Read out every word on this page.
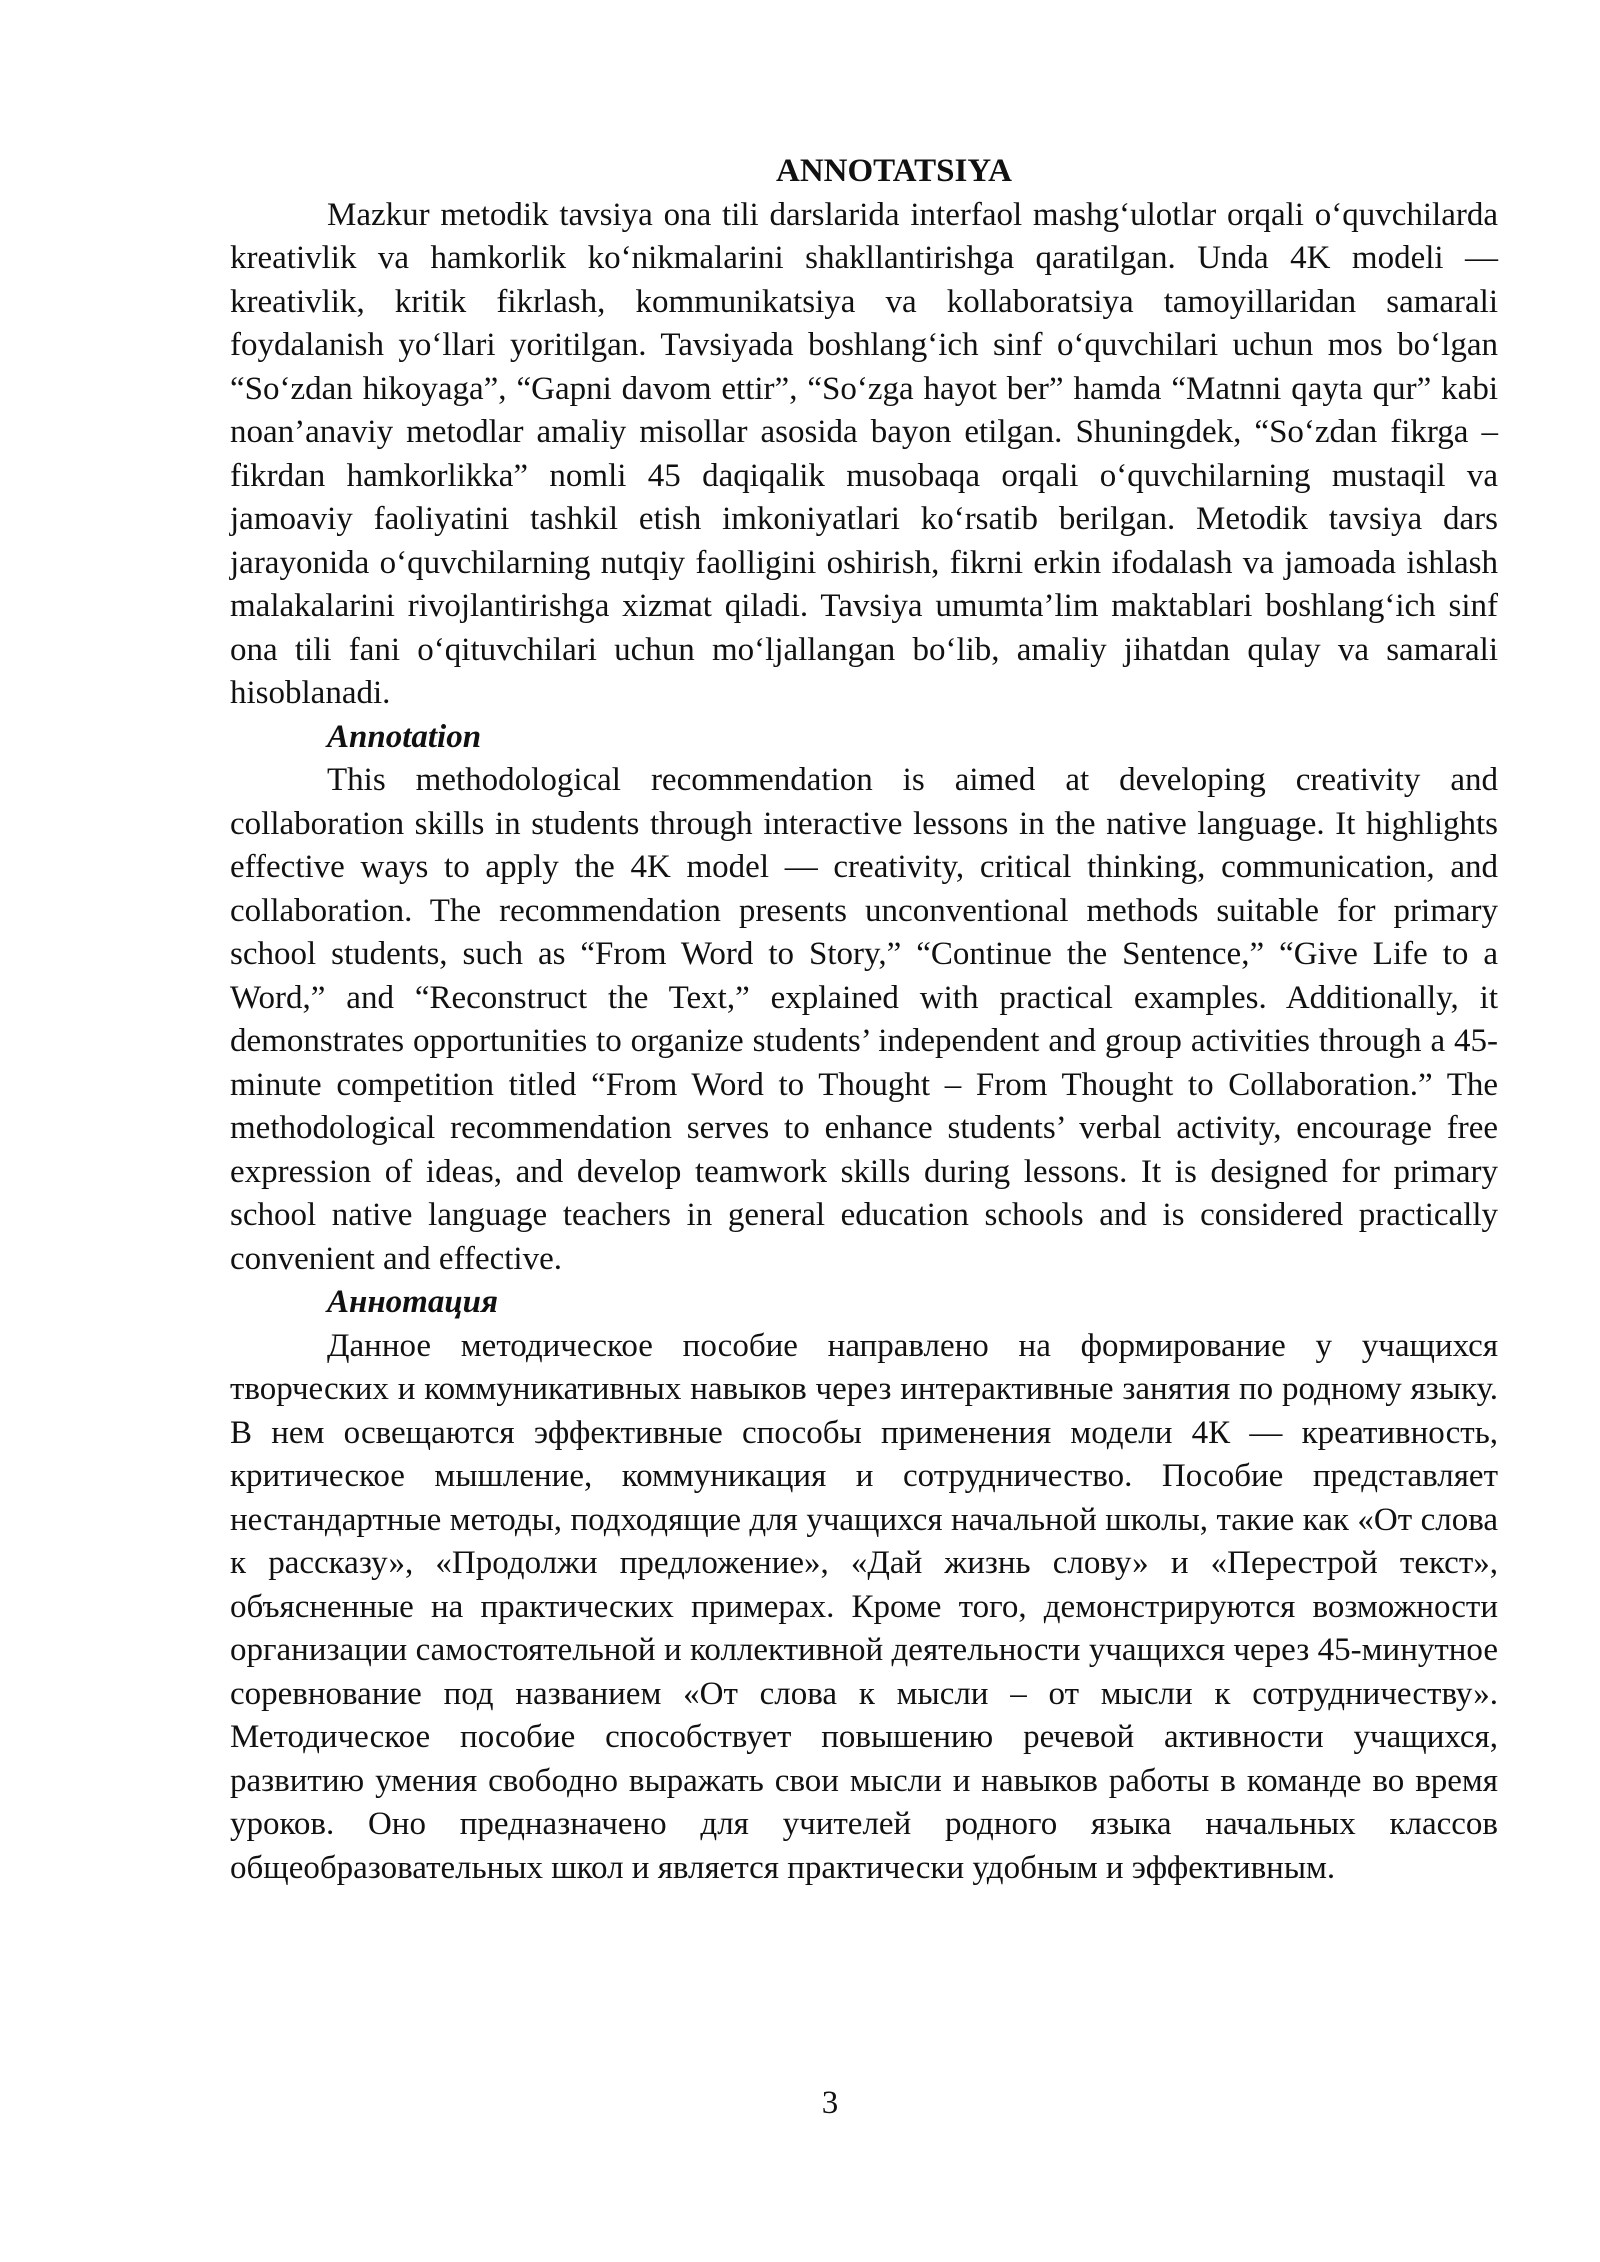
ANNOTATSIYA

Mazkur metodik tavsiya ona tili darslarida interfaol mashg‘ulotlar orqali o‘quvchilarda kreativlik va hamkorlik ko‘nikmalarini shakllantirishga qaratilgan. Unda 4K modeli — kreativlik, kritik fikrlash, kommunikatsiya va kollaboratsiya tamoyillaridan samarali foydalanish yo‘llari yoritilgan. Tavsiyada boshlang‘ich sinf o‘quvchilari uchun mos bo‘lgan “So‘zdan hikoyaga”, “Gapni davom ettir”, “So‘zga hayot ber” hamda “Matnni qayta qur” kabi noan’anaviy metodlar amaliy misollar asosida bayon etilgan. Shuningdek, “So‘zdan fikrga – fikrdan hamkorlikka” nomli 45 daqiqalik musobaqa orqali o‘quvchilarning mustaqil va jamoaviy faoliyatini tashkil etish imkoniyatlari ko‘rsatib berilgan. Metodik tavsiya dars jarayonida o‘quvchilarning nutqiy faolligini oshirish, fikrni erkin ifodalash va jamoada ishlash malakalarini rivojlantirishga xizmat qiladi. Tavsiya umumta’lim maktablari boshlang‘ich sinf ona tili fani o‘qituvchilari uchun mo‘ljallangan bo‘lib, amaliy jihatdan qulay va samarali hisoblanadi.

Annotation

This methodological recommendation is aimed at developing creativity and collaboration skills in students through interactive lessons in the native language. It highlights effective ways to apply the 4K model — creativity, critical thinking, communication, and collaboration. The recommendation presents unconventional methods suitable for primary school students, such as “From Word to Story,” “Continue the Sentence,” “Give Life to a Word,” and “Reconstruct the Text,” explained with practical examples. Additionally, it demonstrates opportunities to organize students’ independent and group activities through a 45-minute competition titled “From Word to Thought – From Thought to Collaboration.” The methodological recommendation serves to enhance students’ verbal activity, encourage free expression of ideas, and develop teamwork skills during lessons. It is designed for primary school native language teachers in general education schools and is considered practically convenient and effective.

Аннотация

Данное методическое пособие направлено на формирование у учащихся творческих и коммуникативных навыков через интерактивные занятия по родному языку. В нем освещаются эффективные способы применения модели 4К — креативность, критическое мышление, коммуникация и сотрудничество. Пособие представляет нестандартные методы, подходящие для учащихся начальной школы, такие как «От слова к рассказу», «Продолжи предложение», «Дай жизнь слову» и «Перестрой текст», объясненные на практических примерах. Кроме того, демонстрируются возможности организации самостоятельной и коллективной деятельности учащихся через 45-минутное соревнование под названием «От слова к мысли – от мысли к сотрудничеству». Методическое пособие способствует повышению речевой активности учащихся, развитию умения свободно выражать свои мысли и навыков работы в команде во время уроков. Оно предназначено для учителей родного языка начальных классов общеобразовательных школ и является практически удобным и эффективным.

3
